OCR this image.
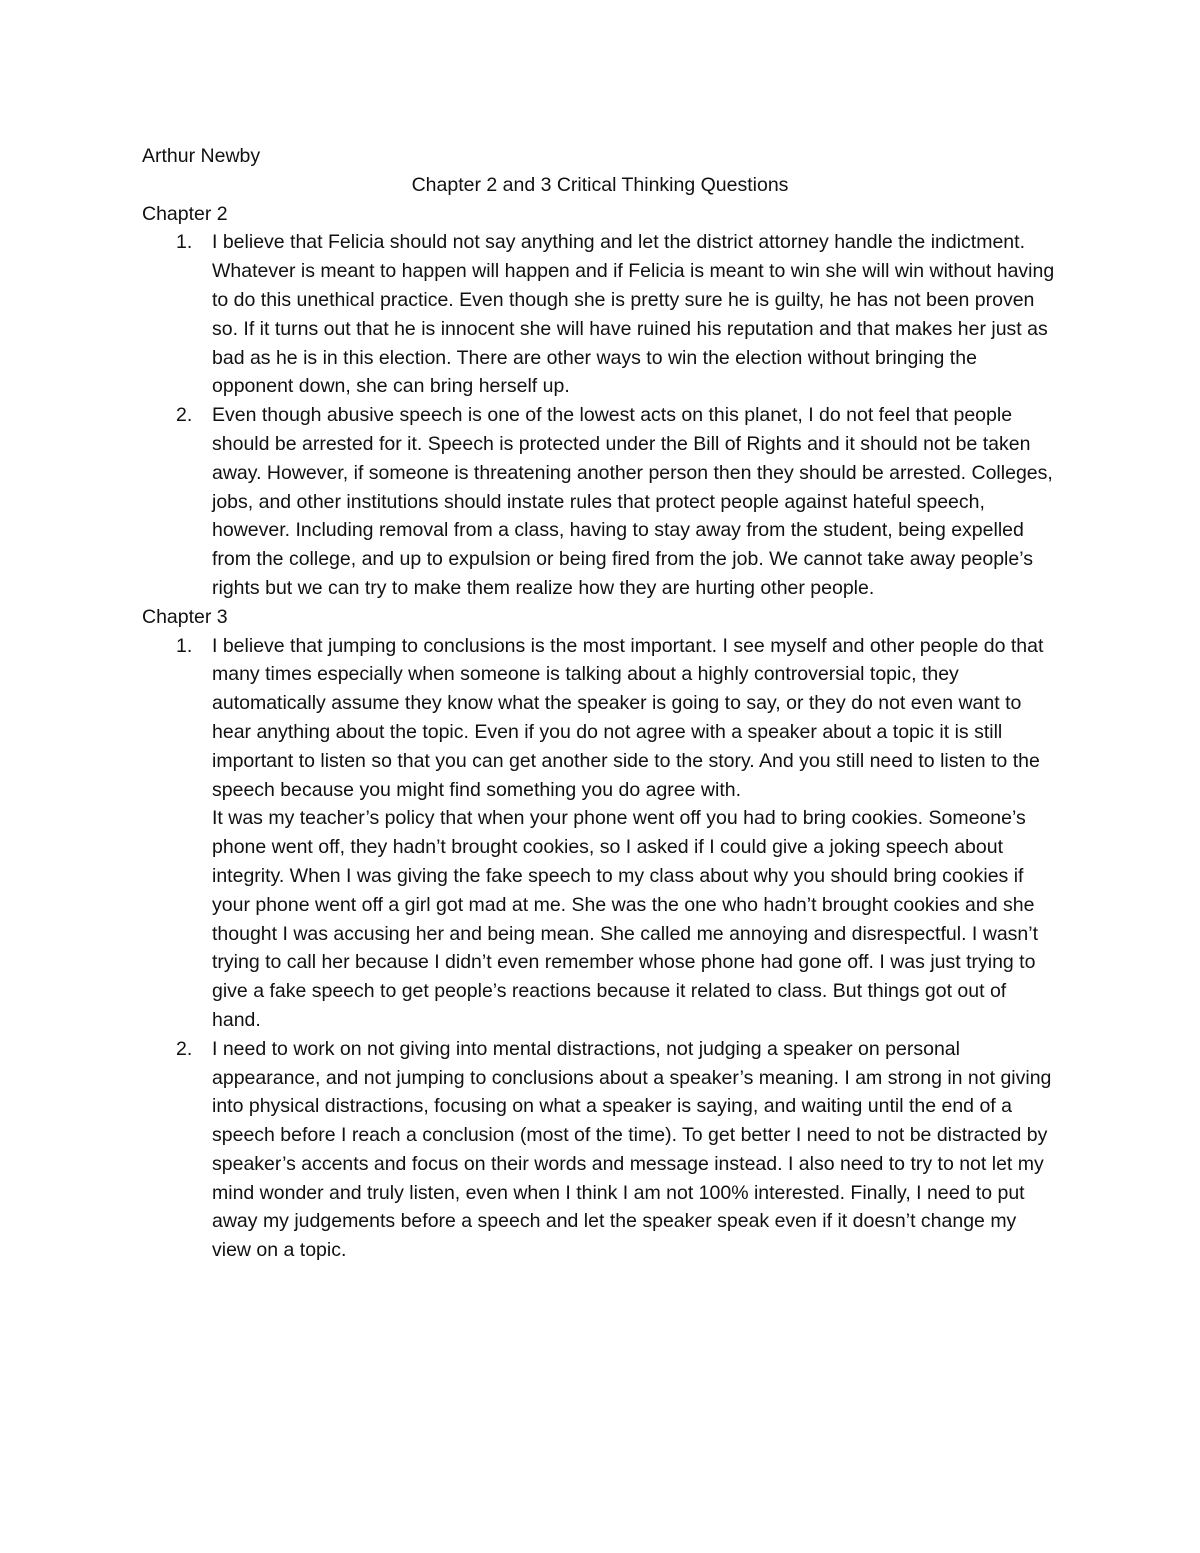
Arthur Newby

Chapter 2 and 3 Critical Thinking Questions

Chapter 2

1. I believe that Felicia should not say anything and let the district attorney handle the indictment. Whatever is meant to happen will happen and if Felicia is meant to win she will win without having to do this unethical practice. Even though she is pretty sure he is guilty, he has not been proven so. If it turns out that he is innocent she will have ruined his reputation and that makes her just as bad as he is in this election. There are other ways to win the election without bringing the opponent down, she can bring herself up.

2. Even though abusive speech is one of the lowest acts on this planet, I do not feel that people should be arrested for it. Speech is protected under the Bill of Rights and it should not be taken away. However, if someone is threatening another person then they should be arrested. Colleges, jobs, and other institutions should instate rules that protect people against hateful speech, however. Including removal from a class, having to stay away from the student, being expelled from the college, and up to expulsion or being fired from the job. We cannot take away people’s rights but we can try to make them realize how they are hurting other people.

Chapter 3

1. I believe that jumping to conclusions is the most important. I see myself and other people do that many times especially when someone is talking about a highly controversial topic, they automatically assume they know what the speaker is going to say, or they do not even want to hear anything about the topic. Even if you do not agree with a speaker about a topic it is still important to listen so that you can get another side to the story. And you still need to listen to the speech because you might find something you do agree with.

It was my teacher’s policy that when your phone went off you had to bring cookies. Someone’s phone went off, they hadn’t brought cookies, so I asked if I could give a joking speech about integrity. When I was giving the fake speech to my class about why you should bring cookies if your phone went off a girl got mad at me. She was the one who hadn’t brought cookies and she thought I was accusing her and being mean. She called me annoying and disrespectful. I wasn’t trying to call her because I didn’t even remember whose phone had gone off. I was just trying to give a fake speech to get people’s reactions because it related to class. But things got out of hand.

2. I need to work on not giving into mental distractions, not judging a speaker on personal appearance, and not jumping to conclusions about a speaker’s meaning. I am strong in not giving into physical distractions, focusing on what a speaker is saying, and waiting until the end of a speech before I reach a conclusion (most of the time). To get better I need to not be distracted by speaker’s accents and focus on their words and message instead. I also need to try to not let my mind wonder and truly listen, even when I think I am not 100% interested. Finally, I need to put away my judgements before a speech and let the speaker speak even if it doesn’t change my view on a topic.
